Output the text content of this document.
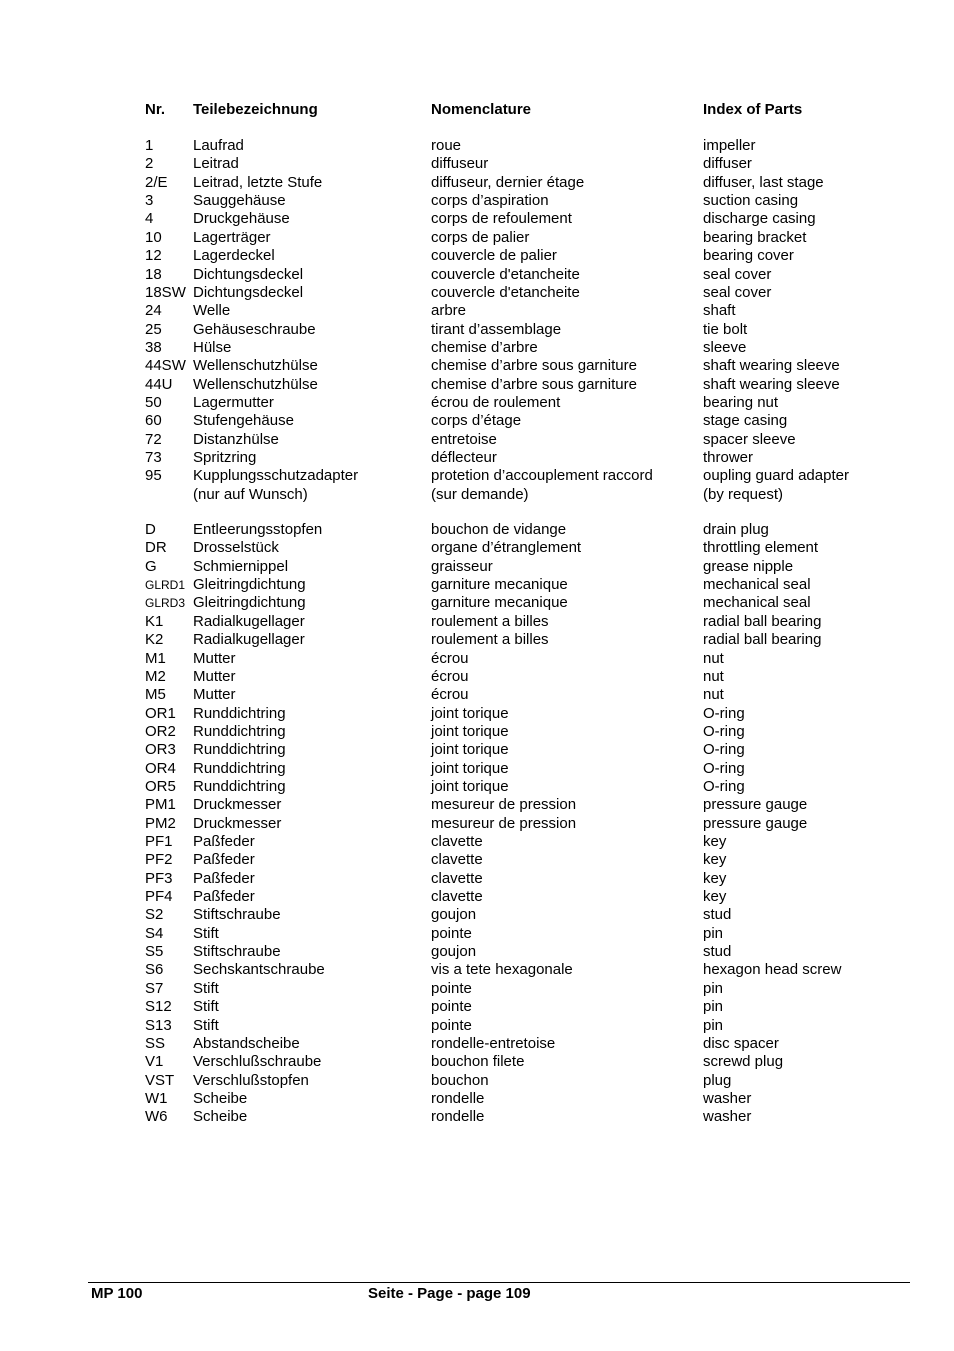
Nr. Teilebezeichnung	Nomenclature	Index of Parts
1	Laufrad	roue	impeller
2	Leitrad	diffuseur	diffuser
2/E Leitrad, letzte Stufe	diffuseur, dernier étage	diffuser, last stage
3	Sauggehäuse	corps d’aspiration	suction casing
4	Druckgehäuse	corps de refoulement	discharge casing
10 Lagerträger	corps de palier	bearing bracket
12 Lagerdeckel	couvercle de palier	bearing cover
18 Dichtungsdeckel	couvercle d'etancheite	seal cover
18SW Dichtungsdeckel	couvercle d'etancheite	seal cover
24 Welle	arbre	shaft
25 Gehäuseschraube	tirant d’assemblage	tie bolt
38 Hülse	chemise d’arbre	sleeve
44SW Wellenschutzhülse	chemise d’arbre sous garniture	shaft wearing sleeve
44U Wellenschutzhülse	chemise d’arbre sous garniture	shaft wearing sleeve
50 Lagermutter	écrou de roulement	bearing nut
60 Stufengehäuse	corps d’étage	stage casing
72 Distanzhülse	entretoise	spacer sleeve
73 Spritzring	déflecteur	thrower
95 Kupplungsschutzadapter	protetion d’accouplement raccord	oupling guard adapter
(nur auf Wunsch)	(sur demande)	(by request)
D Entleerungsstopfen	bouchon de vidange	drain plug
DR Drosselstück	organe d’étranglement	throttling element
G Schmiernippel	graisseur	grease nipple
GLRD1 Gleitringdichtung	garniture mecanique	mechanical seal
GLRD3 Gleitringdichtung	garniture mecanique	mechanical seal
K1 Radialkugellager	roulement a billes	radial ball bearing
K2 Radialkugellager	roulement a billes	radial ball bearing
M1 Mutter	écrou	nut
M2 Mutter	écrou	nut
M5 Mutter	écrou	nut
OR1 Runddichtring	joint torique	O-ring
OR2 Runddichtring	joint torique	O-ring
OR3 Runddichtring	joint torique	O-ring
OR4 Runddichtring	joint torique	O-ring
OR5 Runddichtring	joint torique	O-ring
PM1 Druckmesser	mesureur de pression	pressure gauge
PM2 Druckmesser	mesureur de pression	pressure gauge
PF1 Paßfeder	clavette	key
PF2 Paßfeder	clavette	key
PF3 Paßfeder	clavette	key
PF4 Paßfeder	clavette	key
S2 Stiftschraube	goujon	stud
S4 Stift	pointe	pin
S5 Stiftschraube	goujon	stud
S6 Sechskantschraube	vis a tete hexagonale	hexagon head screw
S7 Stift	pointe	pin
S12 Stift	pointe	pin
S13 Stift	pointe	pin
SS Abstandscheibe	rondelle-entretoise	disc spacer
V1 Verschlußschraube	bouchon filete	screwd plug
VST Verschlußstopfen	bouchon	plug
W1 Scheibe	rondelle	washer
W6 Scheibe	rondelle	washer
MP 100	Seite - Page - page 109
